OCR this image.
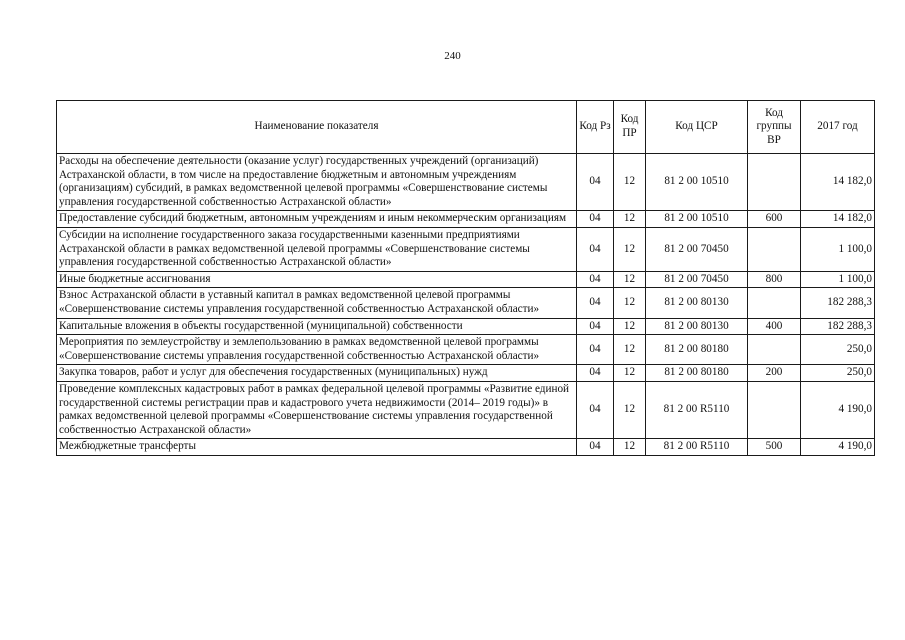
240
Наименование показателя	Код Рз	Код ПР	Код ЦСР	Код группы ВР	2017 год
Расходы на обеспечение деятельности (оказание услуг) государственных учреждений (организаций) Астраханской области, в том числе на предоставление бюджетным и автономным учреждениям (организациям) субсидий, в рамках ведомственной целевой программы «Совершенствование системы управления государственной собственностью Астраханской области»	04	12	81 2 00 10510		14 182,0
Предоставление субсидий бюджетным, автономным учреждениям и иным некоммерческим организациям	04	12	81 2 00 10510	600	14 182,0
Субсидии на исполнение государственного заказа государственными казенными предприятиями Астраханской области в рамках ведомственной целевой программы «Совершенствование системы управления государственной собственностью Астраханской области»	04	12	81 2 00 70450		1 100,0
Иные бюджетные ассигнования	04	12	81 2 00 70450	800	1 100,0
Взнос Астраханской области в уставный капитал в рамках ведомственной целевой программы «Совершенствование системы управления государственной собственностью Астраханской области»	04	12	81 2 00 80130		182 288,3
Капитальные вложения в объекты государственной (муниципальной) собственности	04	12	81 2 00 80130	400	182 288,3
Мероприятия по землеустройству и землепользованию в рамках ведомственной целевой программы «Совершенствование системы управления государственной собственностью Астраханской области»	04	12	81 2 00 80180		250,0
Закупка товаров, работ и услуг для обеспечения государственных (муниципальных) нужд	04	12	81 2 00 80180	200	250,0
Проведение комплексных кадастровых работ в рамках федеральной целевой программы «Развитие единой государственной системы регистрации прав и кадастрового учета недвижимости (2014– 2019 годы)» в рамках ведомственной целевой программы «Совершенствование системы управления государственной собственностью Астраханской области»	04	12	81 2 00 R5110		4 190,0
Межбюджетные трансферты	04	12	81 2 00 R5110	500	4 190,0
